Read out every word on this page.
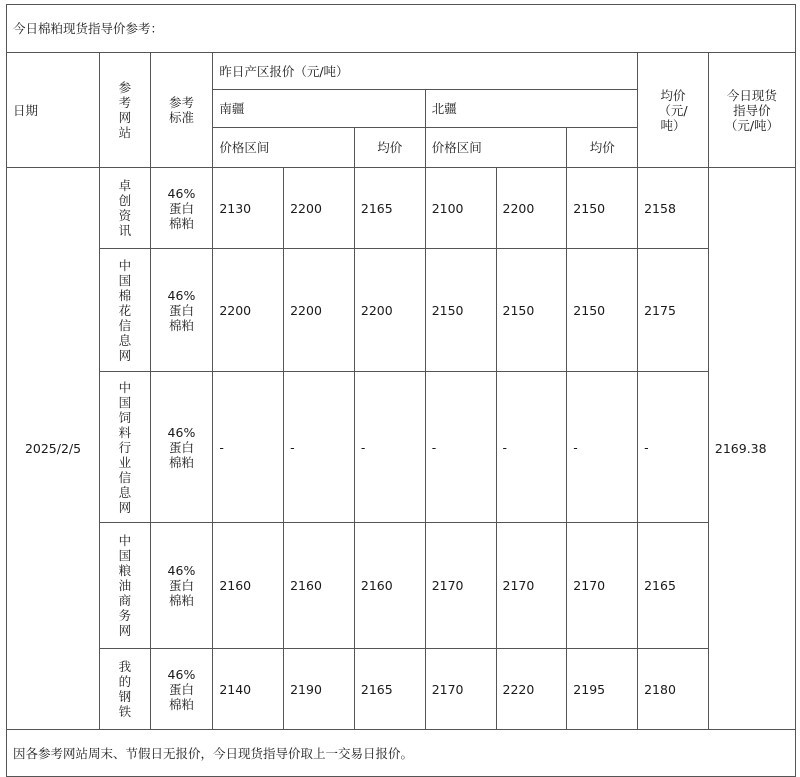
今日棉粕现货指导价参考：										
日期	参考网站	参考标准	昨日产区报价（元/吨）						均价（元/吨）	今日现货指导价（元/吨）
			南疆			北疆				
			价格区间		均价	价格区间		均价		
2025/2/5	卓创资讯	46%蛋白棉粕	2130	2200	2165	2100	2200	2150	2158	2169.38
	中国棉花信息网	46%蛋白棉粕	2200	2200	2200	2150	2150	2150	2175	
	中国饲料行业信息网	46%蛋白棉粕	-	-	-	-	-	-	-	
	中国粮油商务网	46%蛋白棉粕	2160	2160	2160	2170	2170	2170	2165	
	我的钢铁	46%蛋白棉粕	2140	2190	2165	2170	2220	2195	2180	
因各参考网站周末、节假日无报价，今日现货指导价取上一交易日报价。										
